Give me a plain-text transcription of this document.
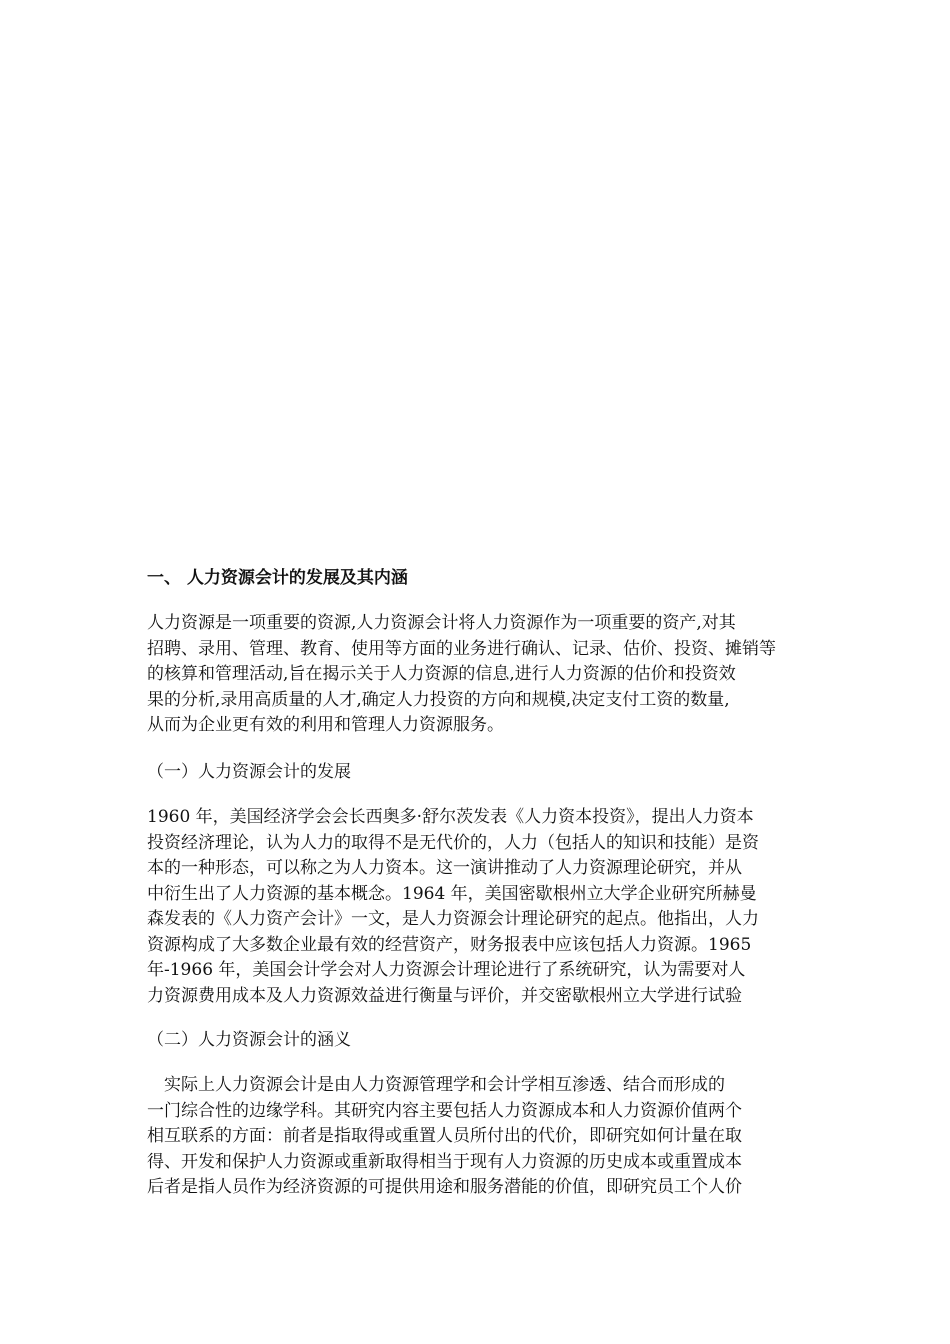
一、 人力资源会计的发展及其内涵
人力资源是一项重要的资源,人力资源会计将人力资源作为一项重要的资产,对其
招聘、录用、管理、教育、使用等方面的业务进行确认、记录、估价、投资、摊销等
的核算和管理活动,旨在揭示关于人力资源的信息,进行人力资源的估价和投资效
果的分析,录用高质量的人才,确定人力投资的方向和规模,决定支付工资的数量,
从而为企业更有效的利用和管理人力资源服务。
（一）人力资源会计的发展
1960 年，美国经济学会会长西奥多·舒尔茨发表《人力资本投资》，提出人力资本
投资经济理论，认为人力的取得不是无代价的，人力（包括人的知识和技能）是资
本的一种形态，可以称之为人力资本。这一演讲推动了人力资源理论研究，并从
中衍生出了人力资源的基本概念。1964 年，美国密歇根州立大学企业研究所赫曼
森发表的《人力资产会计》一文，是人力资源会计理论研究的起点。他指出，人力
资源构成了大多数企业最有效的经营资产，财务报表中应该包括人力资源。1965
年-1966 年，美国会计学会对人力资源会计理论进行了系统研究，认为需要对人
力资源费用成本及人力资源效益进行衡量与评价，并交密歇根州立大学进行试验
（二）人力资源会计的涵义
　实际上人力资源会计是由人力资源管理学和会计学相互渗透、结合而形成的
一门综合性的边缘学科。其研究内容主要包括人力资源成本和人力资源价值两个
相互联系的方面：前者是指取得或重置人员所付出的代价，即研究如何计量在取
得、开发和保护人力资源或重新取得相当于现有人力资源的历史成本或重置成本
后者是指人员作为经济资源的可提供用途和服务潜能的价值，即研究员工个人价
